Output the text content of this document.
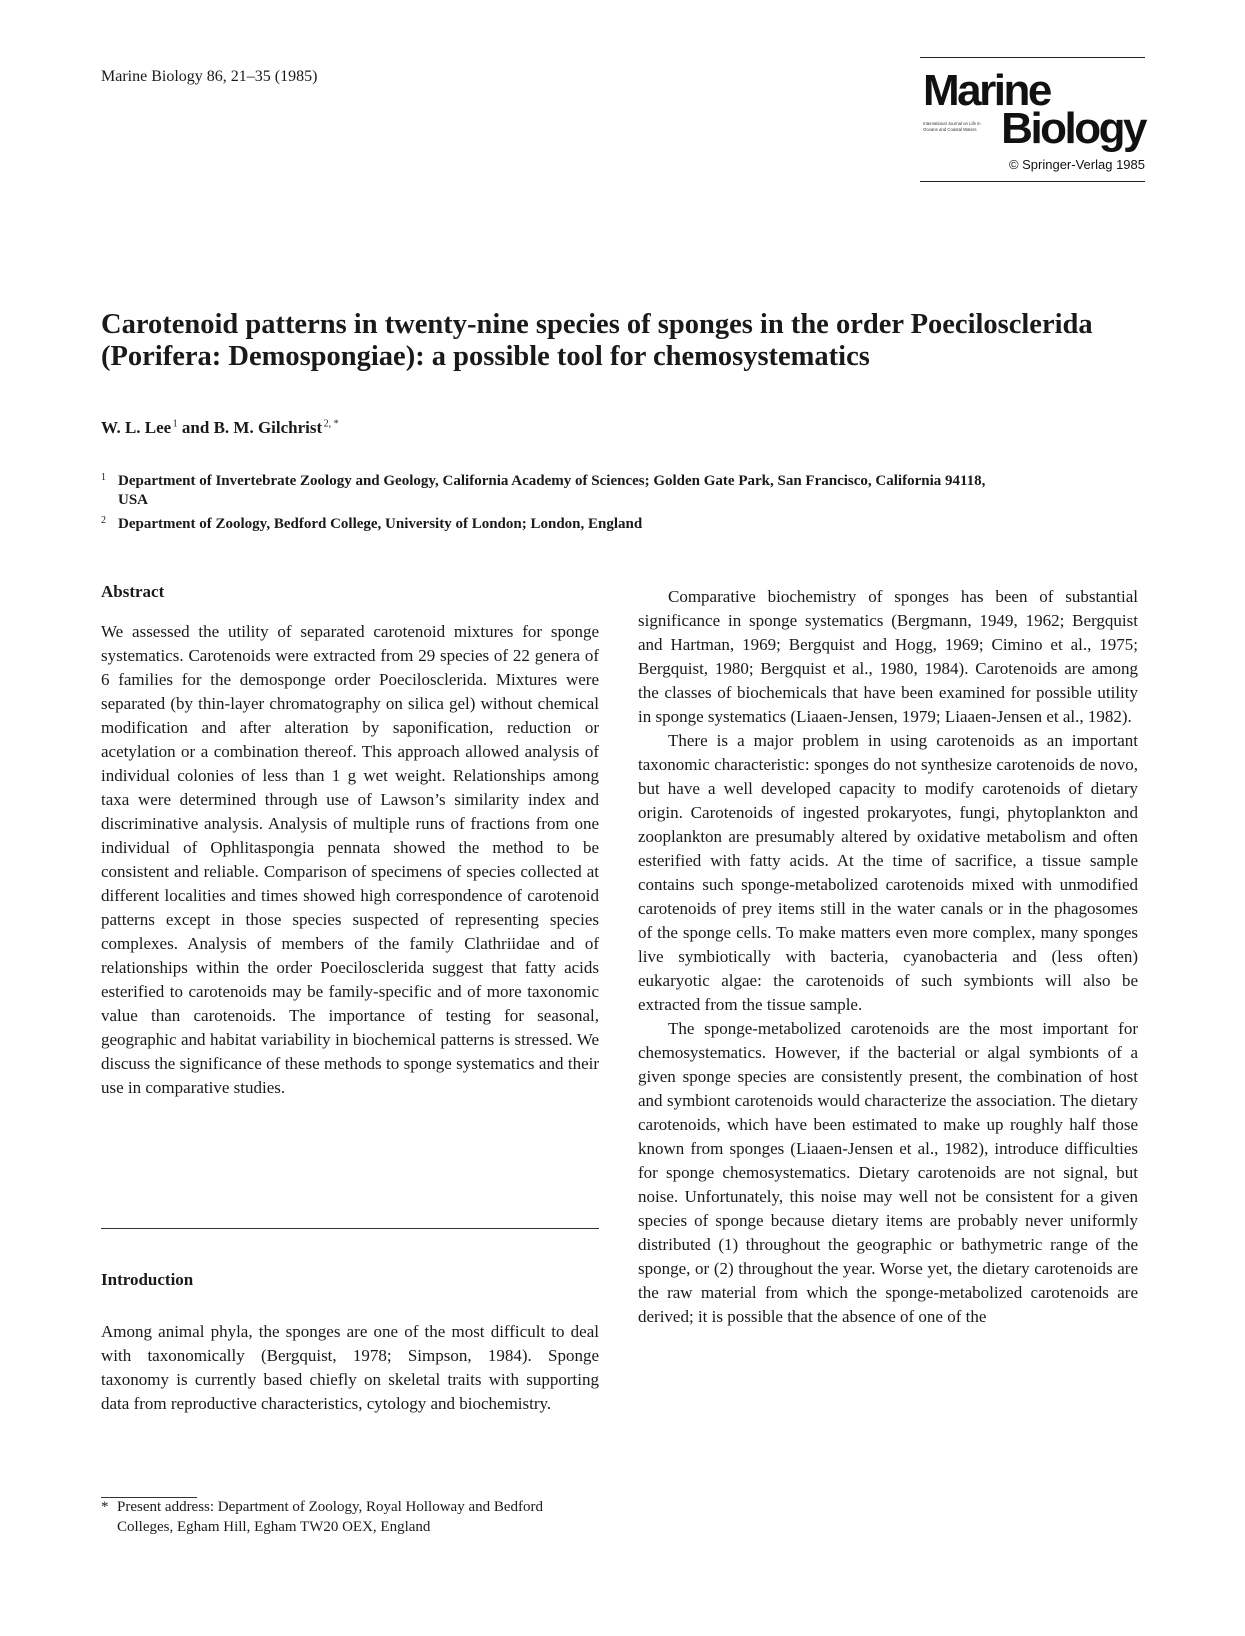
Marine Biology 86, 21–35 (1985)	Marine
International Journal on Life in Oceans and Coastal Waters Biology
© Springer-Verlag 1985
Carotenoid patterns in twenty-nine species of sponges in the order Poecilosclerida (Porifera: Demospongiae): a possible tool for chemosystematics
W. L. Lee $^1$ and B. M. Gilchrist $^{2, *}$
1 Department of Invertebrate Zoology and Geology, California Academy of Sciences; Golden Gate Park, San Francisco, California 94118, USA
2 Department of Zoology, Bedford College, University of London; London, England
Abstract

We assessed the utility of separated carotenoid mixtures for sponge systematics. Carotenoids were extracted from 29 species of 22 genera of 6 families for the demosponge order Poecilosclerida. Mixtures were separated (by thin-layer chromatography on silica gel) without chemical modification and after alteration by saponification, reduction or acetylation or a combination thereof. This approach allowed analysis of individual colonies of less than 1 g wet weight. Relationships among taxa were determined through use of Lawson’s similarity index and discriminative analysis. Analysis of multiple runs of fractions from one individual of Ophlitaspongia pennata showed the method to be consistent and reliable. Comparison of specimens of species collected at different localities and times showed high correspondence of carotenoid patterns except in those species suspected of representing species complexes. Analysis of members of the family Clathriidae and of relationships within the order Poecilosclerida suggest that fatty acids esterified to carotenoids may be family-specific and of more taxonomic value than carotenoids. The importance of testing for seasonal, geographic and habitat variability in biochemical patterns is stressed. We discuss the significance of these methods to sponge systematics and their use in comparative studies.

Introduction

Among animal phyla, the sponges are one of the most difficult to deal with taxonomically (Bergquist, 1978; Simpson, 1984). Sponge taxonomy is currently based chiefly on skeletal traits with supporting data from reproductive characteristics, cytology and biochemistry.

* Present address: Department of Zoology, Royal Holloway and Bedford Colleges, Egham Hill, Egham TW20 OEX, England

Comparative biochemistry of sponges has been of substantial significance in sponge systematics (Bergmann, 1949, 1962; Bergquist and Hartman, 1969; Bergquist and Hogg, 1969; Cimino et al., 1975; Bergquist, 1980; Bergquist et al., 1980, 1984). Carotenoids are among the classes of biochemicals that have been examined for possible utility in sponge systematics (Liaaen-Jensen, 1979; Liaaen-Jensen et al., 1982).

There is a major problem in using carotenoids as an important taxonomic characteristic: sponges do not synthesize carotenoids de novo, but have a well developed capacity to modify carotenoids of dietary origin. Carotenoids of ingested prokaryotes, fungi, phytoplankton and zooplankton are presumably altered by oxidative metabolism and often esterified with fatty acids. At the time of sacrifice, a tissue sample contains such sponge-metabolized carotenoids mixed with unmodified carotenoids of prey items still in the water canals or in the phagosomes of the sponge cells. To make matters even more complex, many sponges live symbiotically with bacteria, cyanobacteria and (less often) eukaryotic algae: the carotenoids of such symbionts will also be extracted from the tissue sample.

The sponge-metabolized carotenoids are the most important for chemosystematics. However, if the bacterial or algal symbionts of a given sponge species are consistently present, the combination of host and symbiont carotenoids would characterize the association. The dietary carotenoids, which have been estimated to make up roughly half those known from sponges (Liaaen-Jensen et al., 1982), introduce difficulties for sponge chemosystematics. Dietary carotenoids are not signal, but noise. Unfortunately, this noise may well not be consistent for a given species of sponge because dietary items are probably never uniformly distributed (1) throughout the geographic or bathymetric range of the sponge, or (2) throughout the year. Worse yet, the dietary carotenoids are the raw material from which the sponge-metabolized carotenoids are derived; it is possible that the absence of one of the
